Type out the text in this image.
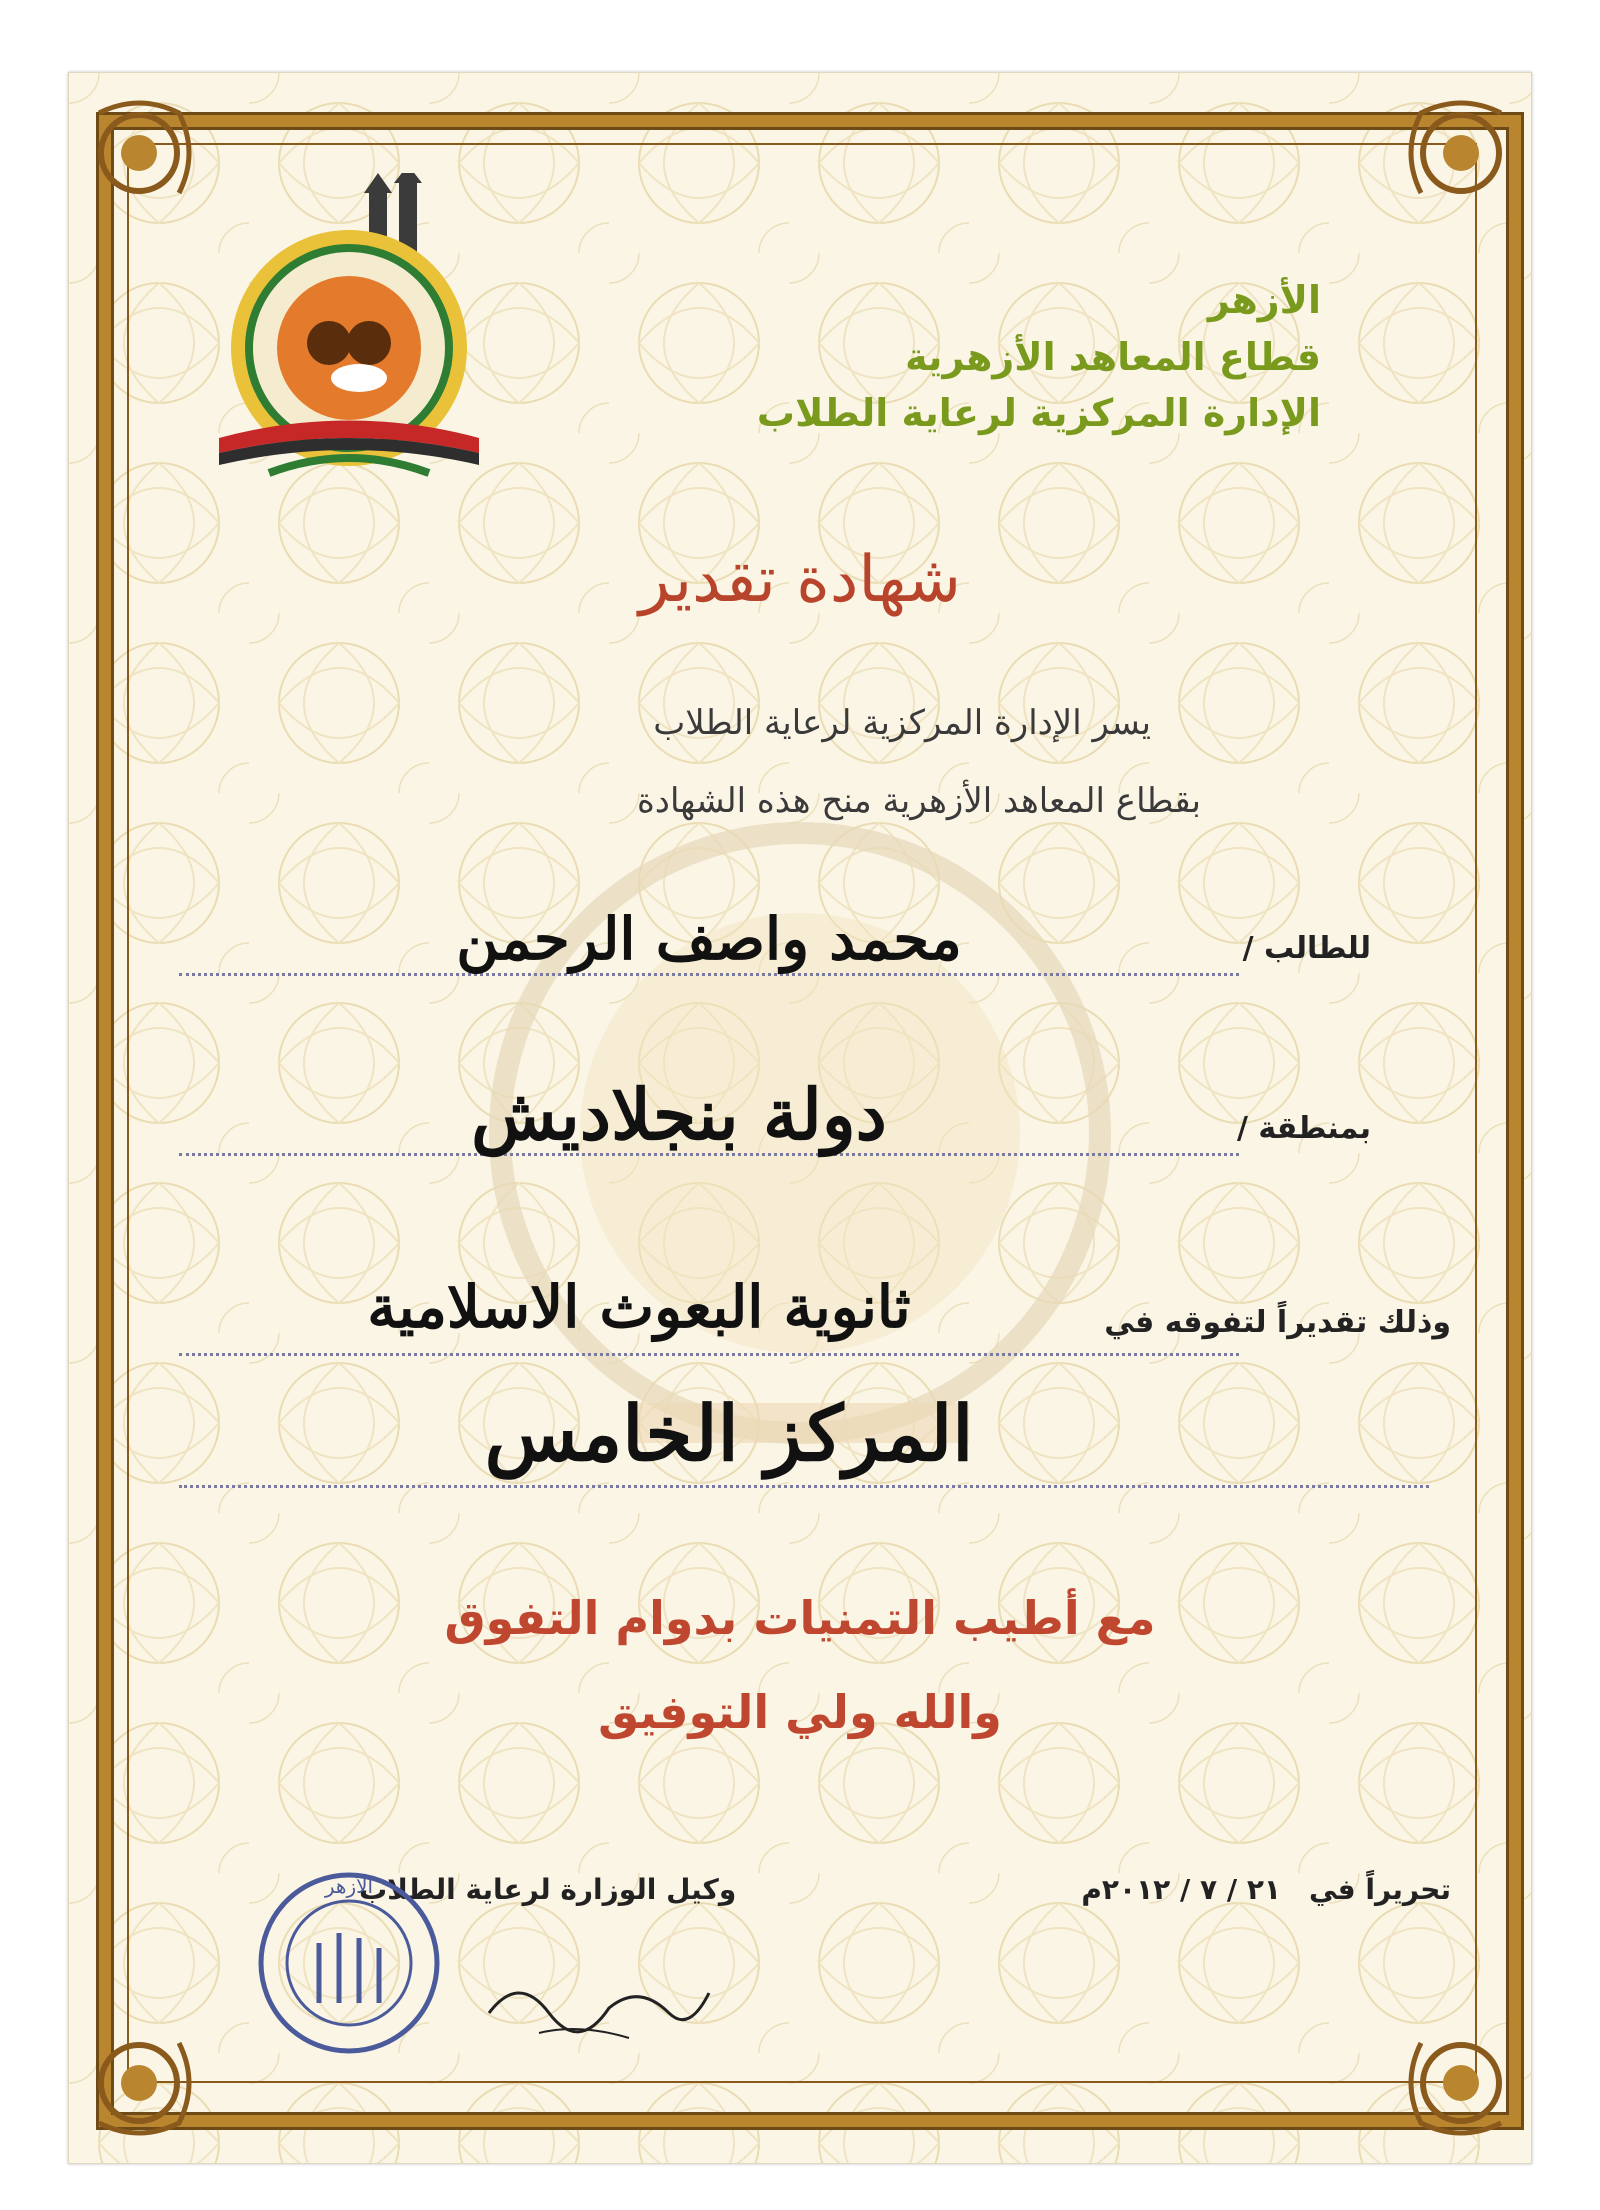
الأزهر
قطاع المعاهد الأزهرية
الإدارة المركزية لرعاية الطلاب
شهادة تقدير
يسر الإدارة المركزية لرعاية الطلاب
بقطاع المعاهد الأزهرية منح هذه الشهادة
للطالب /
محمد واصف الرحمن
بمنطقة /
دولة بنجلاديش
وذلك تقديراً لتفوقه في
ثانوية البعوث الاسلامية
المركز الخامس
مع أطيب التمنيات بدوام التفوق
والله ولي التوفيق
تحريراً في
٢١ / ٧ / ٢٠١٢م
وكيل الوزارة لرعاية الطلاب
الأزهر
